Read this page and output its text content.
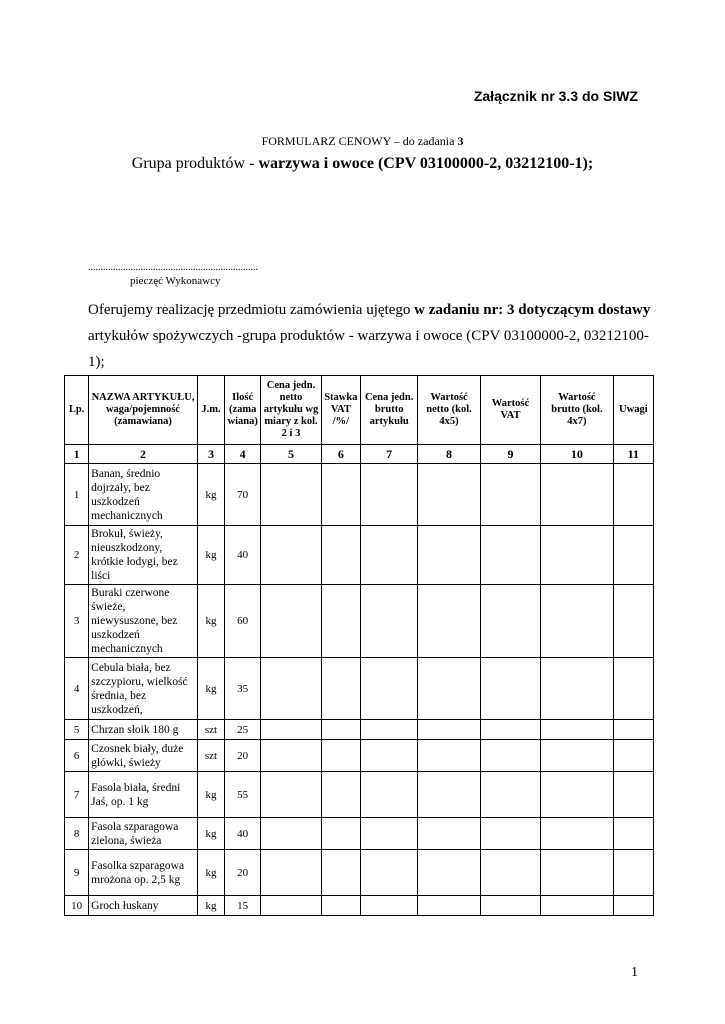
Załącznik nr 3.3 do SIWZ
FORMULARZ CENOWY – do zadania 3
Grupa produktów - warzywa i owoce (CPV 03100000-2, 03212100-1);
....................................................................
pieczęć Wykonawcy
Oferujemy realizację przedmiotu zamówienia ujętego w zadaniu nr: 3 dotyczącym dostawy artykułów spożywczych -grupa produktów - warzywa i owoce (CPV 03100000-2, 03212100-1);
Lp.	NAZWA ARTYKUŁU, waga/pojemność (zamawiana)	J.m.	Ilość (zama wiana)	Cena jedn. netto artykułu wg miary z kol. 2 i 3	Stawka VAT /%/	Cena jedn. brutto artykułu	Wartość netto (kol. 4x5)	Wartość VAT	Wartość brutto (kol. 4x7)	Uwagi
1	2	3	4	5	6	7	8	9	10	11
1	Banan, średnio dojrzały, bez uszkodzeń mechanicznych	kg	70							
2	Brokuł, świeży, nieuszkodzony, krótkie łodygi, bez liści	kg	40							
3	Buraki czerwone świeże, niewysuszone, bez uszkodzeń mechanicznych	kg	60							
4	Cebula biała, bez szczypioru, wielkość średnia, bez uszkodzeń,	kg	35							
5	Chrzan słoik 180 g	szt	25							
6	Czosnek biały, duże główki, świeży	szt	20							
7	Fasola biała, średni Jaś, op. 1 kg	kg	55							
8	Fasola szparagowa zielona, świeża	kg	40							
9	Fasolka szparagowa mrożona op. 2,5 kg	kg	20							
10	Groch łuskany	kg	15							
1
